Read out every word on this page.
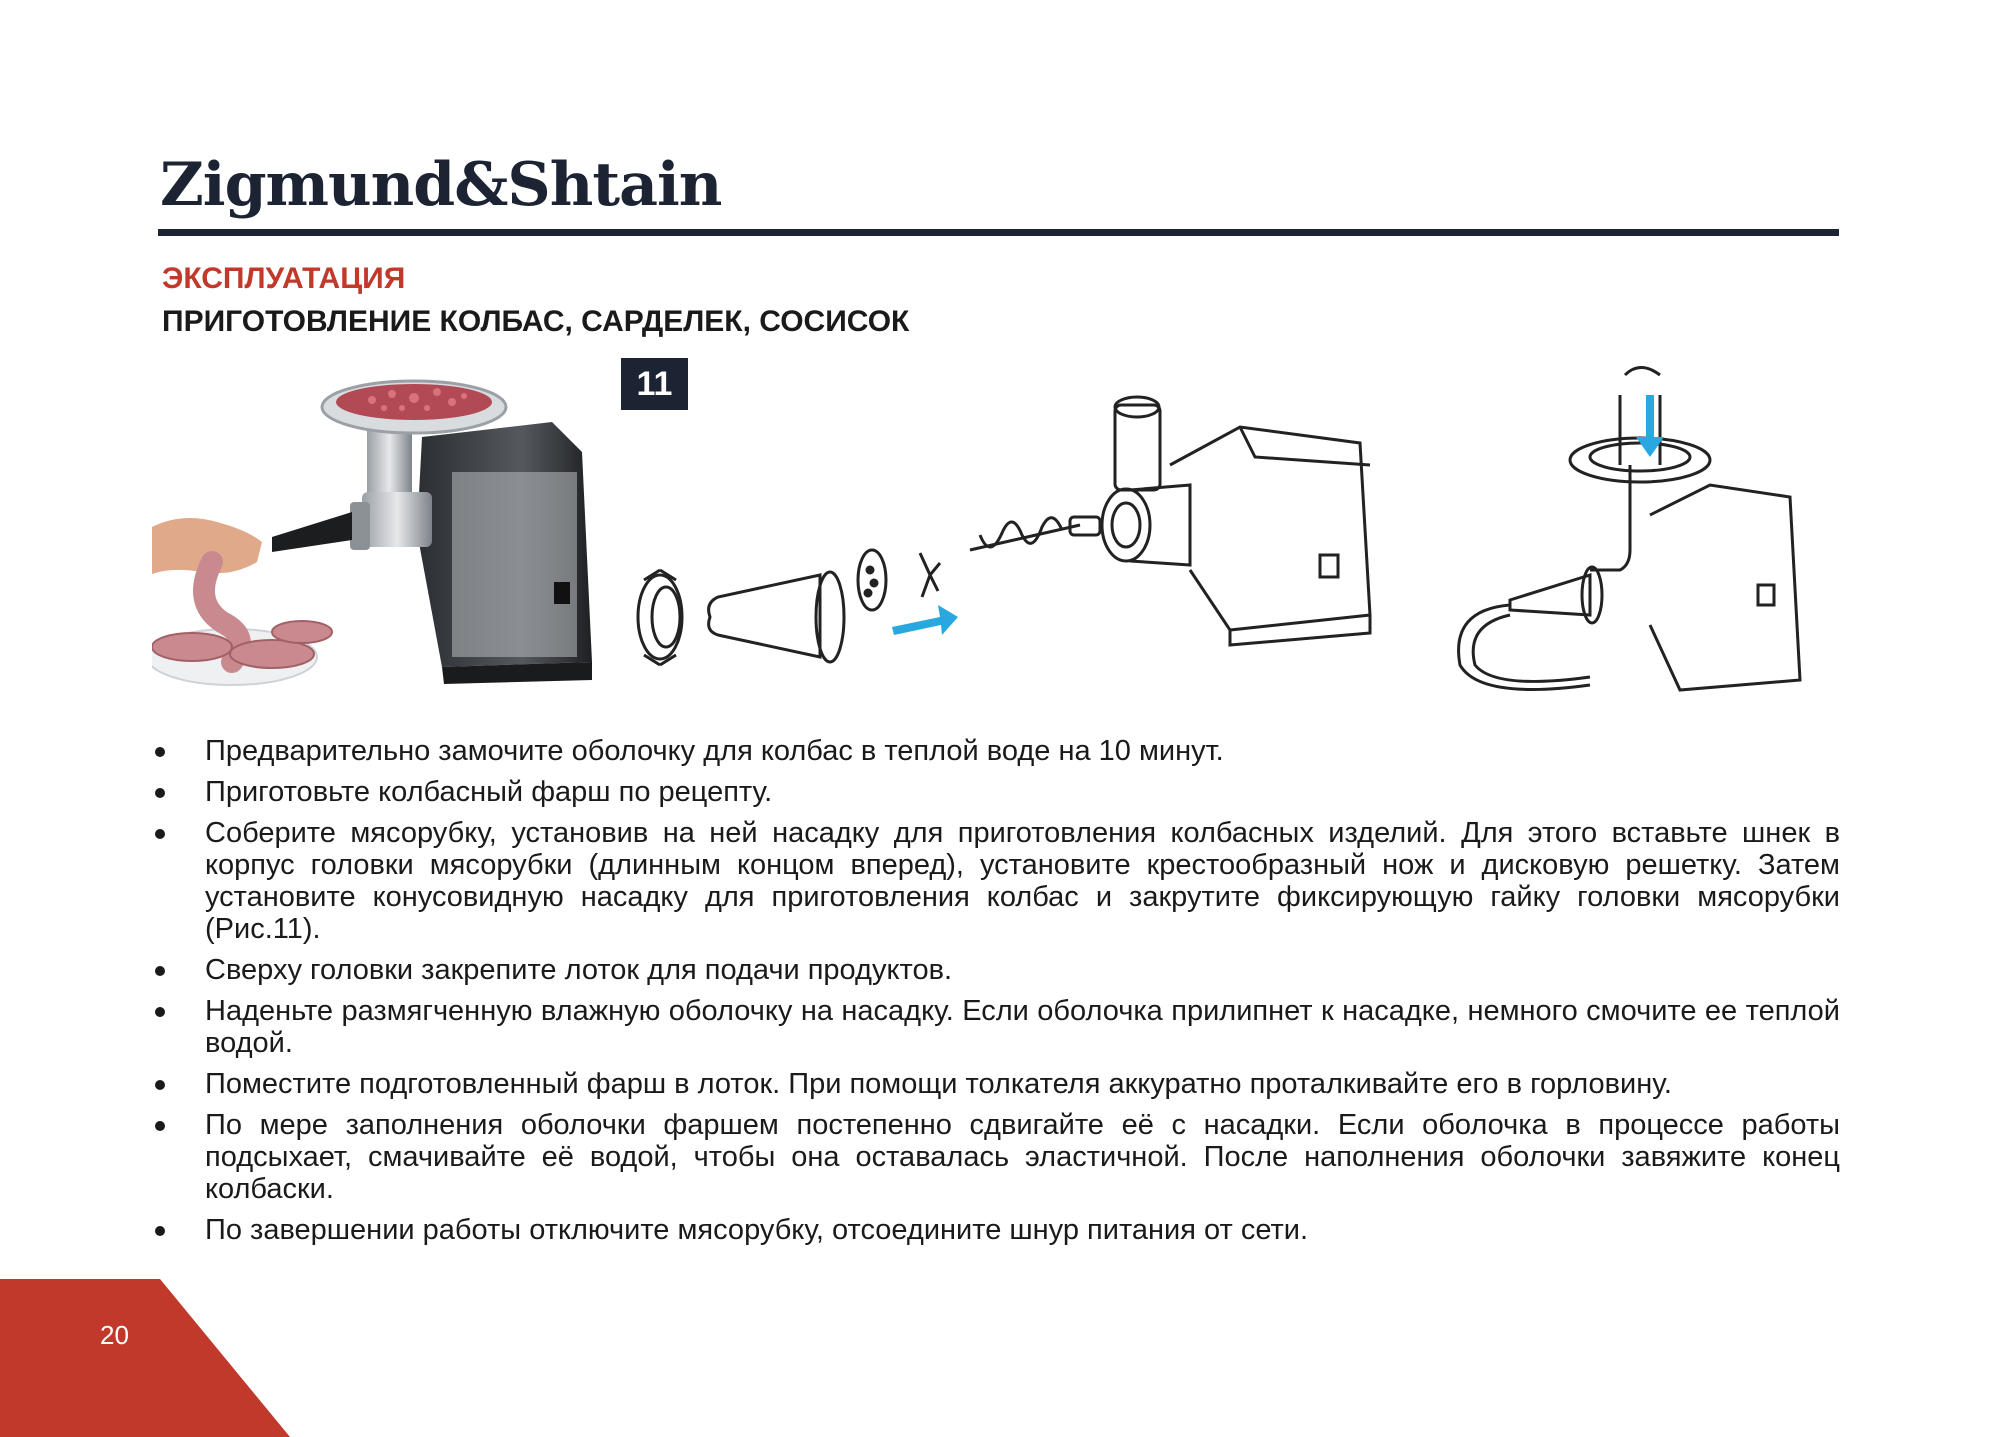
Zigmund&Shtain
ЭКСПЛУАТАЦИЯ
ПРИГОТОВЛЕНИЕ КОЛБАС, САРДЕЛЕК, СОСИСОК
11
Предварительно замочите оболочку для колбас в теплой воде на 10 минут.
Приготовьте колбасный фарш по рецепту.
Соберите мясорубку, установив на ней насадку для приготовления колбасных изделий. Для этого вставьте шнек в корпус головки мясорубки (длинным концом вперед), установите крестообразный нож и дисковую решетку. Затем установите конусовидную насадку для приготовления колбас и закрутите фиксирующую гайку головки мясорубки (Рис.11).
Сверху головки закрепите лоток для подачи продуктов.
Наденьте размягченную влажную оболочку на насадку. Если оболочка прилипнет к насадке, немного смочите ее теплой водой.
Поместите подготовленный фарш в лоток. При помощи толкателя аккуратно проталкивайте его в горловину.
По мере заполнения оболочки фаршем постепенно сдвигайте её с насадки. Если оболочка в процессе работы подсыхает, смачивайте её водой, чтобы она оставалась эластичной. После наполнения оболочки завяжите конец колбаски.
По завершении работы отключите мясорубку, отсоедините шнур питания от сети.
20
